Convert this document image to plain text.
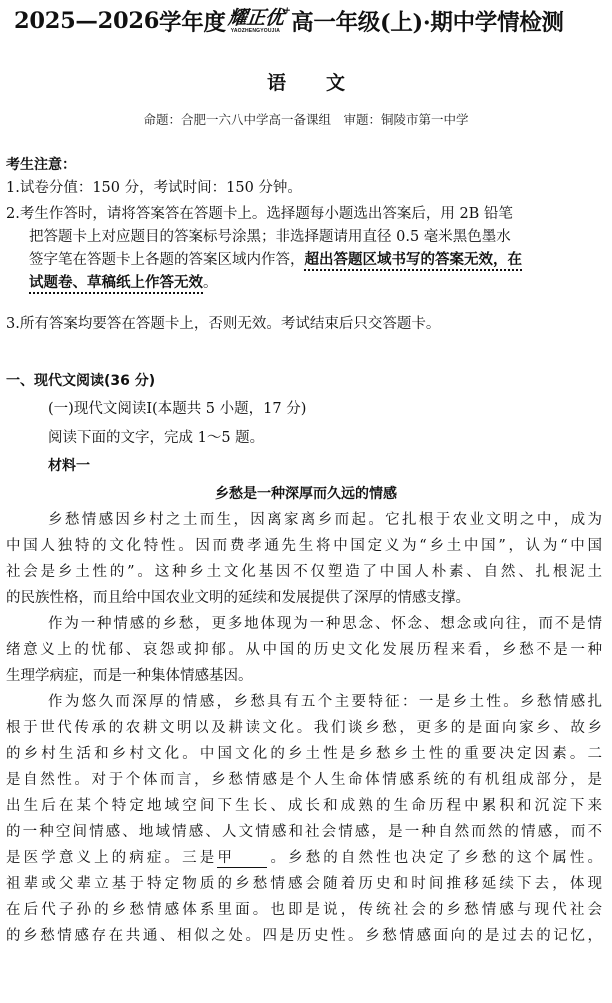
2025—2026 学年度 耀正优
+
YAOZHENGYOUJIA 高一年级(上)·期中学情检测
语 文
命题：合肥一六八中学高一备课组　审题：铜陵市第一中学
考生注意：
1.试卷分值：150 分，考试时间：150 分钟。
2.考生作答时，请将答案答在答题卡上。选择题每小题选出答案后，用 2B 铅笔
把答题卡上对应题目的答案标号涂黑；非选择题请用直径 0.5 毫米黑色墨水
签字笔在答题卡上各题的答案区域内作答，超出答题区域书写的答案无效，在
试题卷、草稿纸上作答无效。
3.所有答案均要答在答题卡上，否则无效。考试结束后只交答题卡。
一、现代文阅读(36 分)
(一)现代文阅读Ⅰ(本题共 5 小题，17 分)
阅读下面的文字，完成 1～5 题。
材料一
乡愁是一种深厚而久远的情感
乡愁情感因乡村之土而生，因离家离乡而起。它扎根于农业文明之中，成为
中国人独特的文化特性。因而费孝通先生将中国定义为“乡土中国”，认为“中国
社会是乡土性的”。这种乡土文化基因不仅塑造了中国人朴素、自然、扎根泥土
的民族性格，而且给中国农业文明的延续和发展提供了深厚的情感支撑。
作为一种情感的乡愁，更多地体现为一种思念、怀念、想念或向往，而不是情
绪意义上的忧郁、哀怨或抑郁。从中国的历史文化发展历程来看，乡愁不是一种
生理学病症，而是一种集体情感基因。
作为悠久而深厚的情感，乡愁具有五个主要特征：一是乡土性。乡愁情感扎
根于世代传承的农耕文明以及耕读文化。我们谈乡愁，更多的是面向家乡、故乡
的乡村生活和乡村文化。中国文化的乡土性是乡愁乡土性的重要决定因素。二
是自然性。对于个体而言，乡愁情感是个人生命体情感系统的有机组成部分，是
出生后在某个特定地域空间下生长、成长和成熟的生命历程中累积和沉淀下来
的一种空间情感、地域情感、人文情感和社会情感，是一种自然而然的情感，而不
是医学意义上的病症。三是甲 。乡愁的自然性也决定了乡愁的这个属性。
祖辈或父辈立基于特定物质的乡愁情感会随着历史和时间推移延续下去，体现
在后代子孙的乡愁情感体系里面。也即是说，传统社会的乡愁情感与现代社会
的乡愁情感存在共通、相似之处。四是历史性。乡愁情感面向的是过去的记忆，
